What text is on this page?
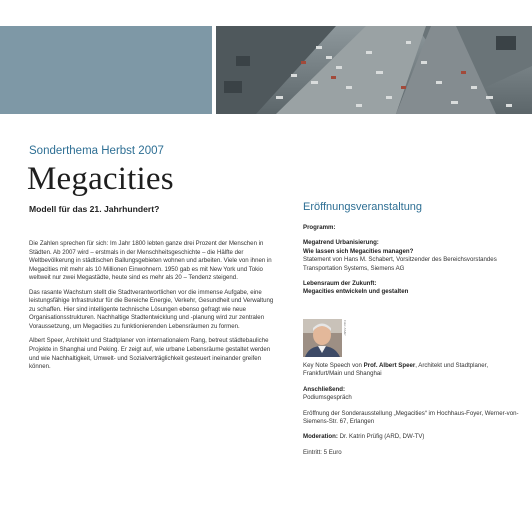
Sonderthema Herbst 2007
Megacities
Modell für das 21. Jahrhundert?

Die Zahlen sprechen für sich: Im Jahr 1800 lebten ganze drei Prozent der Menschen in Städten. Ab 2007 wird – erstmals in der Menschheitsgeschichte – die Hälfte der Weltbevölkerung in städtischen Ballungsgebieten wohnen und arbeiten. Viele von ihnen in Megacities mit mehr als 10 Millionen Einwohnern. 1950 gab es mit New York und Tokio weltweit nur zwei Megastädte, heute sind es mehr als 20 – Tendenz steigend.

Das rasante Wachstum stellt die Stadtverantwortlichen vor die immense Aufgabe, eine leistungsfähige Infrastruktur für die Bereiche Energie, Verkehr, Gesundheit und Verwaltung zu schaffen. Hier sind intelligente technische Lösungen ebenso gefragt wie neue Organisationsstrukturen. Nachhaltige Stadtentwicklung und -planung wird zur zentralen Voraussetzung, um Megacities zu funktionierenden Lebensräumen zu formen.

Albert Speer, Architekt und Stadtplaner von internationalem Rang, betreut städtebauliche Projekte in Shanghai und Peking. Er zeigt auf, wie urbane Lebensräume gestaltet werden und wie Nachhaltigkeit, Umwelt- und Sozialverträglichkeit gesteuert ineinander greifen können.

Eröffnungsveranstaltung

Programm:

Megatrend Urbanisierung:
Wie lassen sich Megacities managen?
Statement von Hans M. Schabert, Vorsitzender des Bereichsvorstandes Transportation Systems, Siemens AG

Lebensraum der Zukunft:
Megacities entwickeln und gestalten

Foto: AS&P

Key Note Speech von Prof. Albert Speer, Architekt und Stadtplaner, Frankfurt/Main und Shanghai

Anschließend:
Podiumsgespräch

Eröffnung der Sonderausstellung „Megacities“ im Hochhaus-Foyer, Werner-von-Siemens-Str. 67, Erlangen

Moderation: Dr. Katrin Prüfig (ARD, DW-TV)

Eintritt: 5 Euro
